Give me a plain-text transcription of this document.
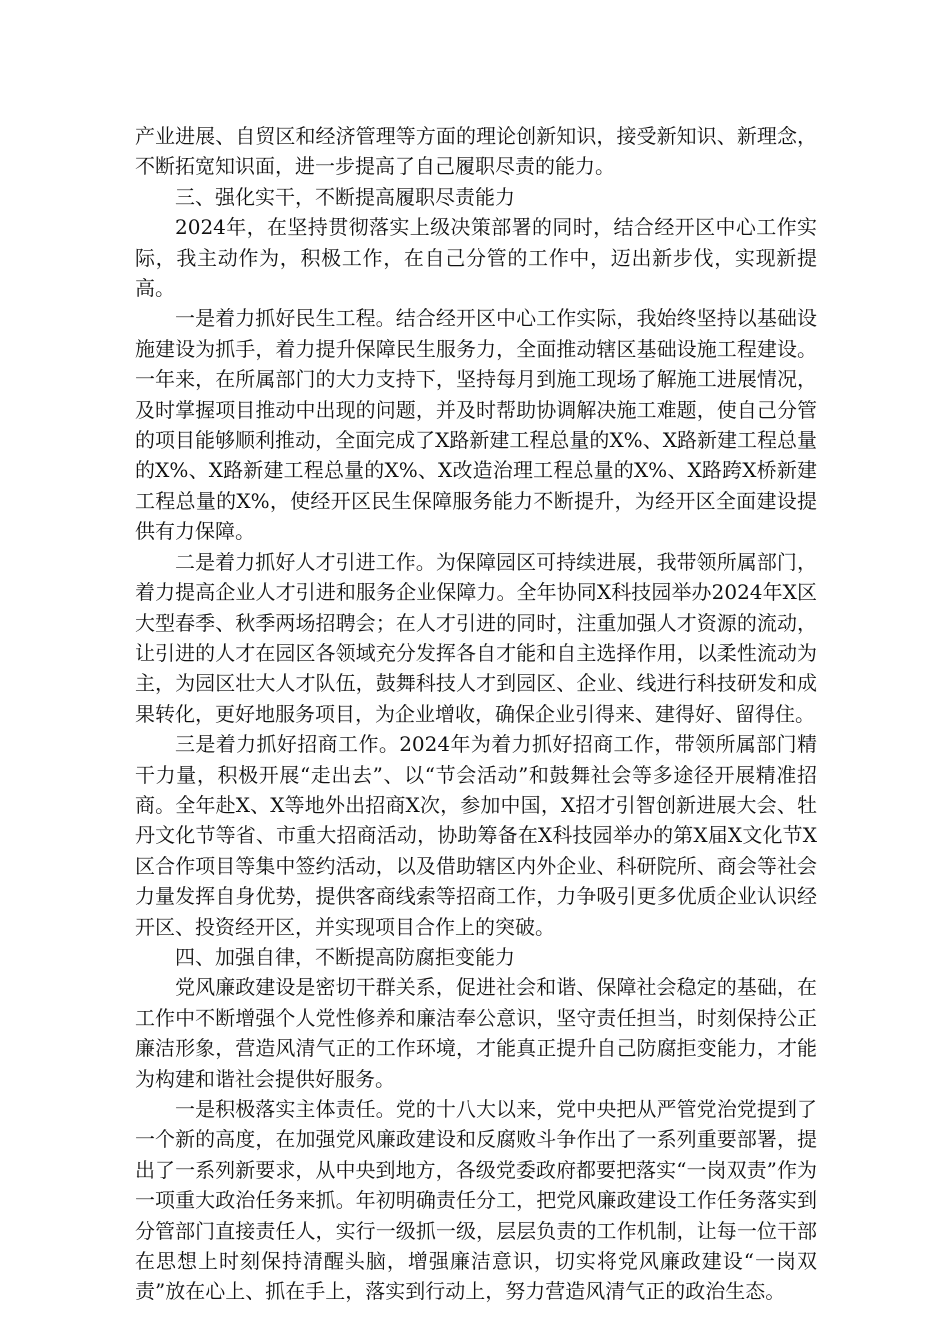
产业进展、自贸区和经济管理等方面的理论创新知识，接受新知识、新理念，不断拓宽知识面，进一步提高了自己履职尽责的能力。

三、强化实干，不断提高履职尽责能力

2024年，在坚持贯彻落实上级决策部署的同时，结合经开区中心工作实际，我主动作为，积极工作，在自己分管的工作中，迈出新步伐，实现新提高。

一是着力抓好民生工程。结合经开区中心工作实际，我始终坚持以基础设施建设为抓手，着力提升保障民生服务力，全面推动辖区基础设施工程建设。一年来，在所属部门的大力支持下，坚持每月到施工现场了解施工进展情况，及时掌握项目推动中出现的问题，并及时帮助协调解决施工难题，使自己分管的项目能够顺利推动，全面完成了X路新建工程总量的X%、X路新建工程总量的X%、X路新建工程总量的X%、X改造治理工程总量的X%、X路跨X桥新建工程总量的X%，使经开区民生保障服务能力不断提升，为经开区全面建设提供有力保障。

二是着力抓好人才引进工作。为保障园区可持续进展，我带领所属部门，着力提高企业人才引进和服务企业保障力。全年协同X科技园举办2024年X区大型春季、秋季两场招聘会；在人才引进的同时，注重加强人才资源的流动，让引进的人才在园区各领域充分发挥各自才能和自主选择作用，以柔性流动为主，为园区壮大人才队伍，鼓舞科技人才到园区、企业、线进行科技研发和成果转化，更好地服务项目，为企业增收，确保企业引得来、建得好、留得住。

三是着力抓好招商工作。2024年为着力抓好招商工作，带领所属部门精干力量，积极开展“走出去”、以“节会活动”和鼓舞社会等多途径开展精准招商。全年赴X、X等地外出招商X次，参加中国，X招才引智创新进展大会、牡丹文化节等省、市重大招商活动，协助筹备在X科技园举办的第X届X文化节X区合作项目等集中签约活动，以及借助辖区内外企业、科研院所、商会等社会力量发挥自身优势，提供客商线索等招商工作，力争吸引更多优质企业认识经开区、投资经开区，并实现项目合作上的突破。

四、加强自律，不断提高防腐拒变能力

党风廉政建设是密切干群关系，促进社会和谐、保障社会稳定的基础，在工作中不断增强个人党性修养和廉洁奉公意识，坚守责任担当，时刻保持公正廉洁形象，营造风清气正的工作环境，才能真正提升自己防腐拒变能力，才能为构建和谐社会提供好服务。

一是积极落实主体责任。党的十八大以来，党中央把从严管党治党提到了一个新的高度，在加强党风廉政建设和反腐败斗争作出了一系列重要部署，提出了一系列新要求，从中央到地方，各级党委政府都要把落实“一岗双责”作为一项重大政治任务来抓。年初明确责任分工，把党风廉政建设工作任务落实到分管部门直接责任人，实行一级抓一级，层层负责的工作机制，让每一位干部在思想上时刻保持清醒头脑，增强廉洁意识，切实将党风廉政建设“一岗双责”放在心上、抓在手上，落实到行动上，努力营造风清气正的政治生态。
